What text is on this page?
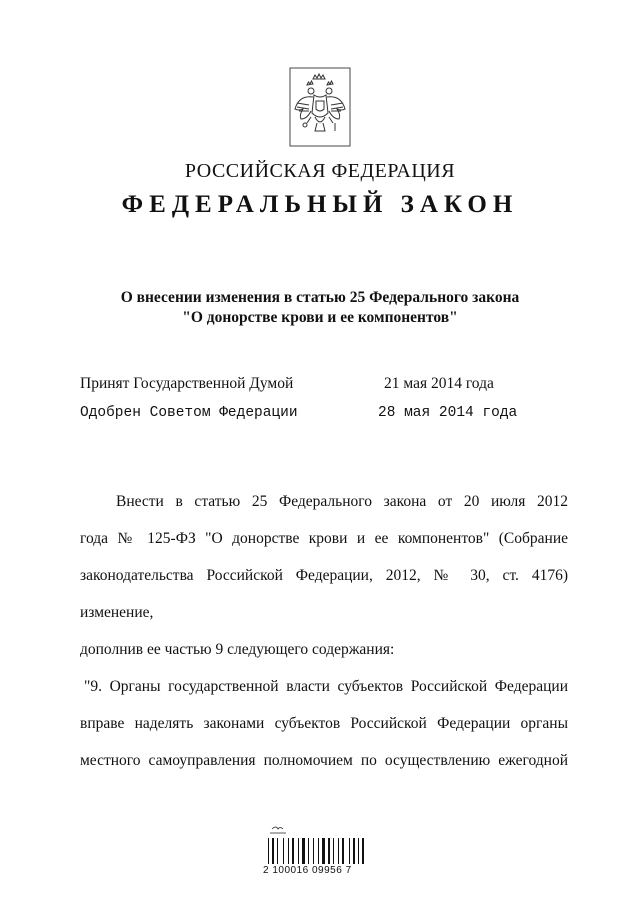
РОССИЙСКАЯ ФЕДЕРАЦИЯ
ФЕДЕРАЛЬНЫЙ ЗАКОН
О внесении изменения в статью 25 Федерального закона
"О донорстве крови и ее компонентов"
Принят Государственной Думой	21 мая 2014 года
Одобрен Советом Федерации	28 мая 2014 года

Внести в статью 25 Федерального закона от 20 июля 2012

года № 125-ФЗ "О донорстве крови и ее компонентов" (Собрание

законодательства Российской Федерации, 2012, № 30, ст. 4176) изменение,

дополнив ее частью 9 следующего содержания:

"9. Органы государственной власти субъектов Российской Федерации

вправе наделять законами субъектов Российской Федерации органы

местного самоуправления полномочием по осуществлению ежегодной

2 100016 09956 7
